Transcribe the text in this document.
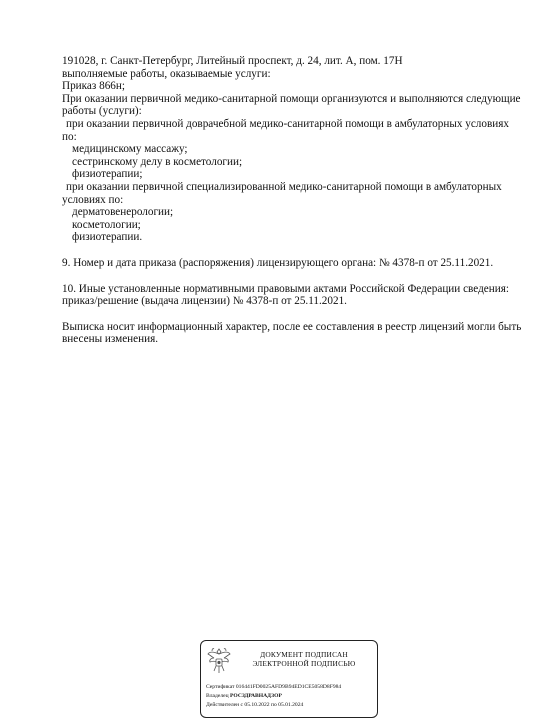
191028, г. Санкт-Петербург, Литейный проспект, д. 24, лит. А, пом. 17Н
выполняемые работы, оказываемые услуги:
Приказ 866н;
При оказании первичной медико-санитарной помощи организуются и выполняются следующие
работы (услуги):
при оказании первичной доврачебной медико-санитарной помощи в амбулаторных условиях
по:
медицинскому массажу;
сестринскому делу в косметологии;
физиотерапии;
при оказании первичной специализированной медико-санитарной помощи в амбулаторных
условиях по:
дерматовенерологии;
косметологии;
физиотерапии.
9. Номер и дата приказа (распоряжения) лицензирующего органа: № 4378-п от 25.11.2021.
10. Иные установленные нормативными правовыми актами Российской Федерации сведения:
приказ/решение (выдача лицензии) № 4378-п от 25.11.2021.
Выписка носит информационный характер, после ее составления в реестр лицензий могли быть
внесены изменения.
ДОКУМЕНТ ПОДПИСАН
ЭЛЕКТРОННОЙ ПОДПИСЬЮ
Сертификат 016441FD0025AFD9B94ED1CE5058D8F984
Владелец РОСЗДРАВНАДЗОР
Действителен с 05.10.2022 по 05.01.2024
